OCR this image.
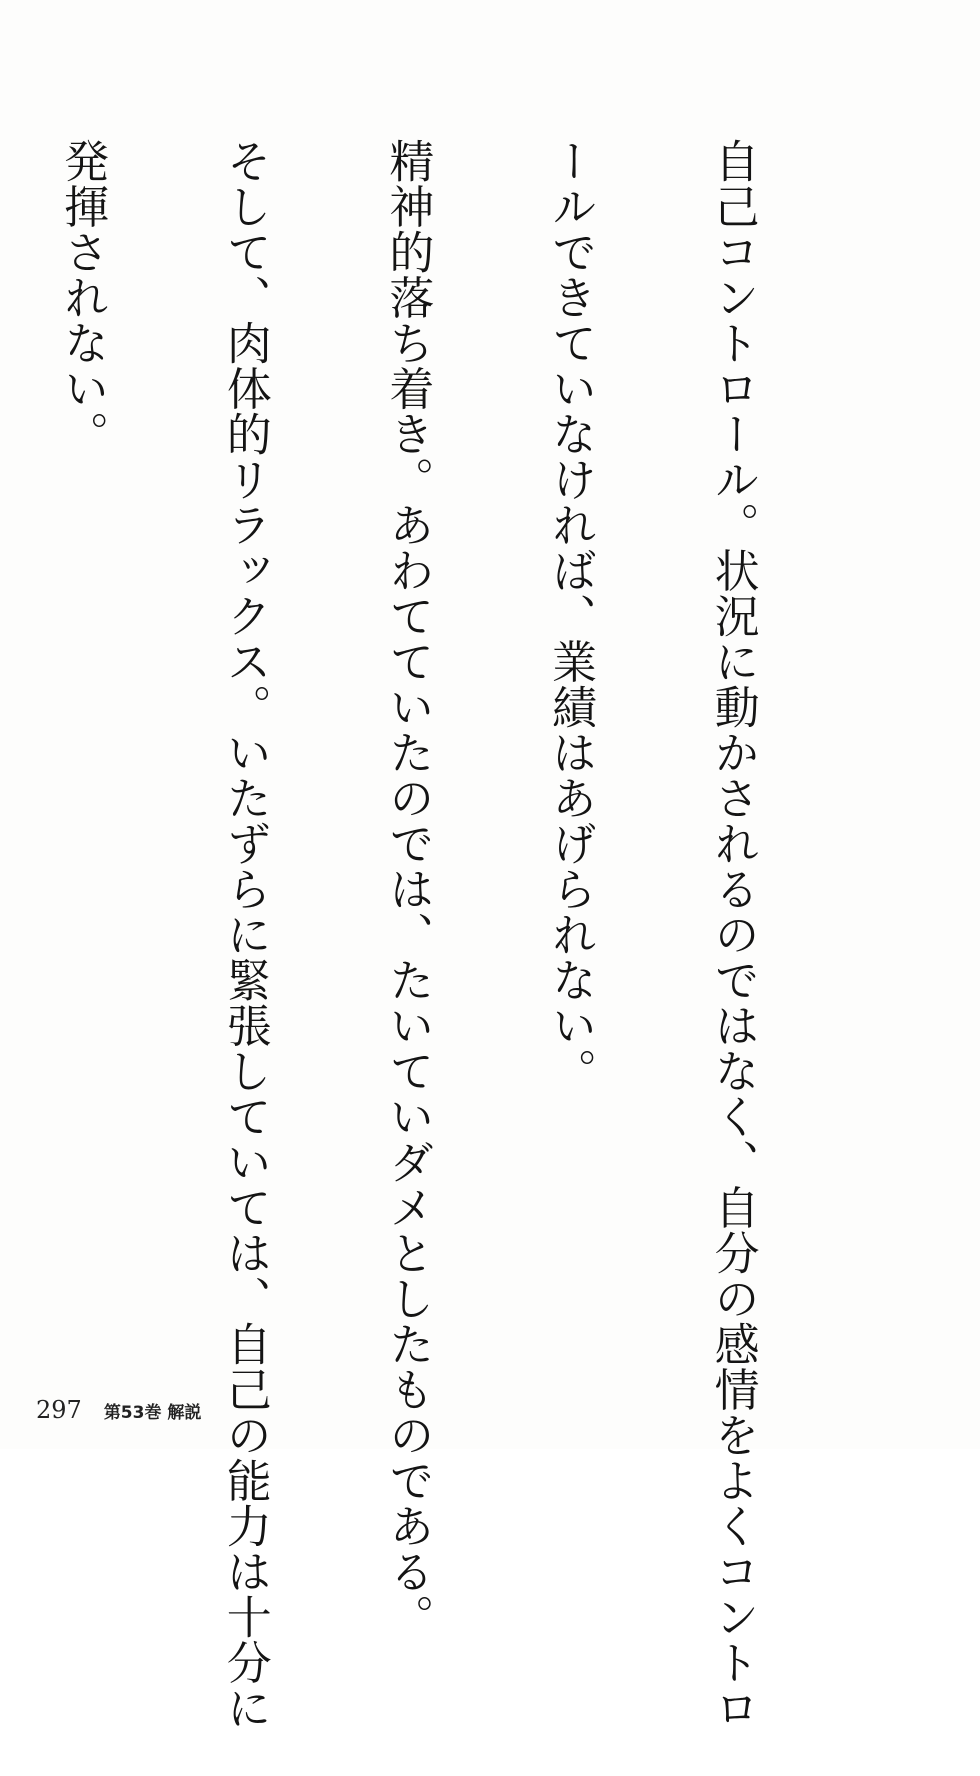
自己コントロール。状況に動かされるのではなく、自分の感情をよくコントロ

ールできていなければ、業績はあげられない。

精神的落ち着き。あわてていたのでは、たいていダメとしたものである。

そして、肉体的リラックス。いたずらに緊張していては、自己の能力は十分に

発揮されない。

297 第53巻 解説
